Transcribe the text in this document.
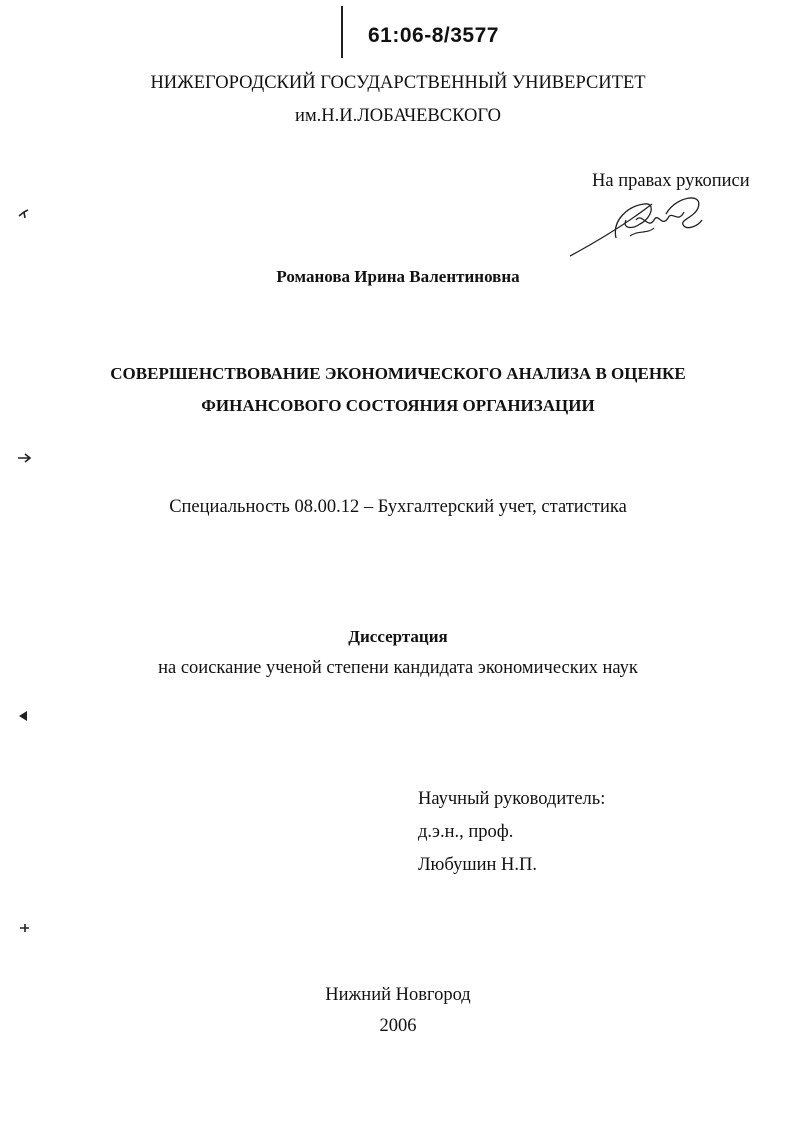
61:06-8/3577
НИЖЕГОРОДСКИЙ ГОСУДАРСТВЕННЫЙ УНИВЕРСИТЕТ
им.Н.И.ЛОБАЧЕВСКОГО
На правах рукописи
Романова Ирина Валентиновна
СОВЕРШЕНСТВОВАНИЕ ЭКОНОМИЧЕСКОГО АНАЛИЗА В ОЦЕНКЕ
ФИНАНСОВОГО СОСТОЯНИЯ ОРГАНИЗАЦИИ
Специальность 08.00.12 – Бухгалтерский учет, статистика
Диссертация
на соискание ученой степени кандидата экономических наук
Научный руководитель:
д.э.н., проф.
Любушин Н.П.
Нижний Новгород
2006
